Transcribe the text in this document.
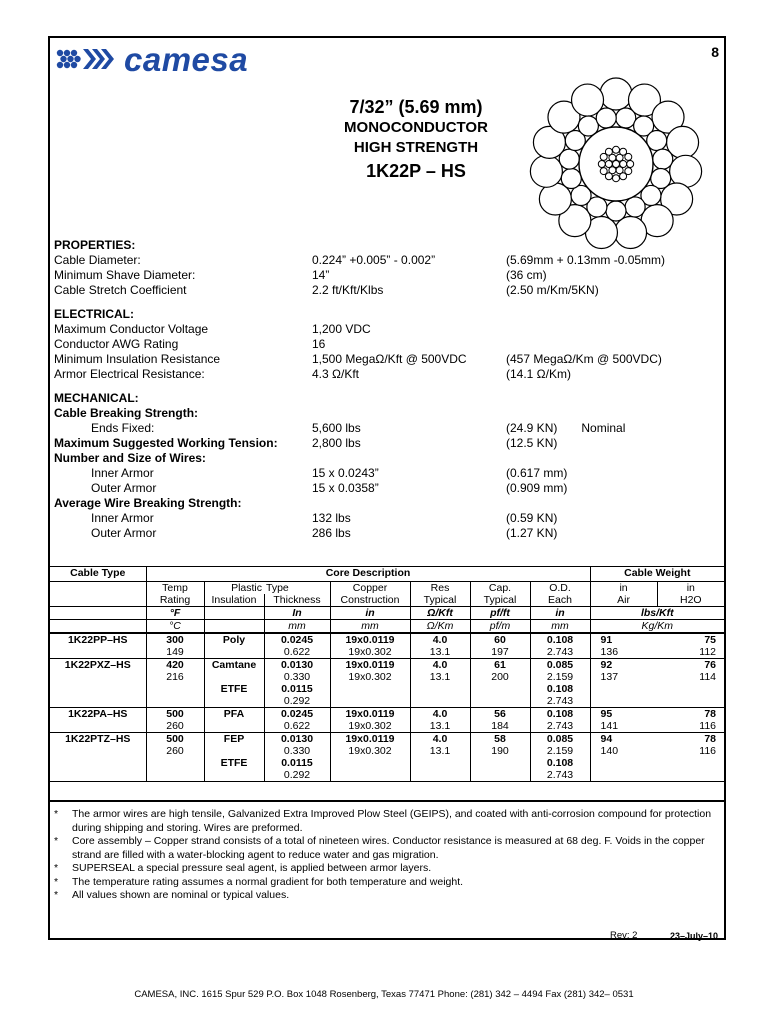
camesa	8
7/32” (5.69 mm)
MONOCONDUCTOR
HIGH STRENGTH
1K22P – HS
PROPERTIES:
Cable Diameter:	0.224” +0.005” - 0.002”	(5.69mm + 0.13mm -0.05mm)
Minimum Shave Diameter:	14”	(36 cm)
Cable Stretch Coefficient	2.2 ft/Kft/Klbs	(2.50 m/Km/5KN)
ELECTRICAL:
Maximum Conductor Voltage	1,200 VDC
Conductor AWG Rating	16
Minimum Insulation Resistance	1,500 MegaΩ/Kft @ 500VDC	(457 MegaΩ/Km @ 500VDC)
Armor Electrical Resistance:	4.3 Ω/Kft	(14.1 Ω/Km)
MECHANICAL:
Cable Breaking Strength:
Ends Fixed:	5,600 lbs	(24.9 KN) Nominal
Maximum Suggested Working Tension:	2,800 lbs	(12.5 KN)
Number and Size of Wires:
Inner Armor	15 x 0.0243”	(0.617 mm)
Outer Armor	15 x 0.0358”	(0.909 mm)
Average Wire Breaking Strength:
Inner Armor	132 lbs	(0.59 KN)
Outer Armor	286 lbs	(1.27 KN)
Cable Type	Core Description							Cable Weight	
	Temp	Plastic	Type	Copper	Res	Cap.	O.D.	in	in
	Rating	Insulation	Thickness	Construction	Typical	Typical	Each	Air	H2O
	°F		In	in	Ω/Kft	pf/ft	in	lbs/Kft	
	°C		mm	mm	Ω/Km	pf/m	mm	Kg/Km	
1K22PP–HS	300	Poly	0.0245	19x0.0119	4.0	60	0.108	91	75
	149		0.622	19x0.302	13.1	197	2.743	136	112
1K22PXZ–HS	420	Camtane	0.0130	19x0.0119	4.0	61	0.085	92	76
	216		0.330	19x0.302	13.1	200	2.159	137	114
		ETFE	0.0115				0.108		
			0.292				2.743		
1K22PA–HS	500	PFA	0.0245	19x0.0119	4.0	56	0.108	95	78
	260		0.622	19x0.302	13.1	184	2.743	141	116
1K22PTZ–HS	500	FEP	0.0130	19x0.0119	4.0	58	0.085	94	78
	260		0.330	19x0.302	13.1	190	2.159	140	116
		ETFE	0.0115				0.108		
			0.292				2.743		
*	The armor wires are high tensile, Galvanized Extra Improved Plow Steel (GEIPS), and coated with anti-corrosion compound for protection during shipping and storing. Wires are preformed.
*	Core assembly – Copper strand consists of a total of nineteen wires. Conductor resistance is measured at 68 deg. F. Voids in the copper strand are filled with a water-blocking agent to reduce water and gas migration.
*	SUPERSEAL a special pressure seal agent, is applied between armor layers.
*	The temperature rating assumes a normal gradient for both temperature and weight.
*	All values shown are nominal or typical values.
Rev: 2	23–July–10
CAMESA, INC. 1615 Spur 529 P.O. Box 1048 Rosenberg, Texas 77471 Phone: (281) 342 – 4494 Fax (281) 342– 0531
